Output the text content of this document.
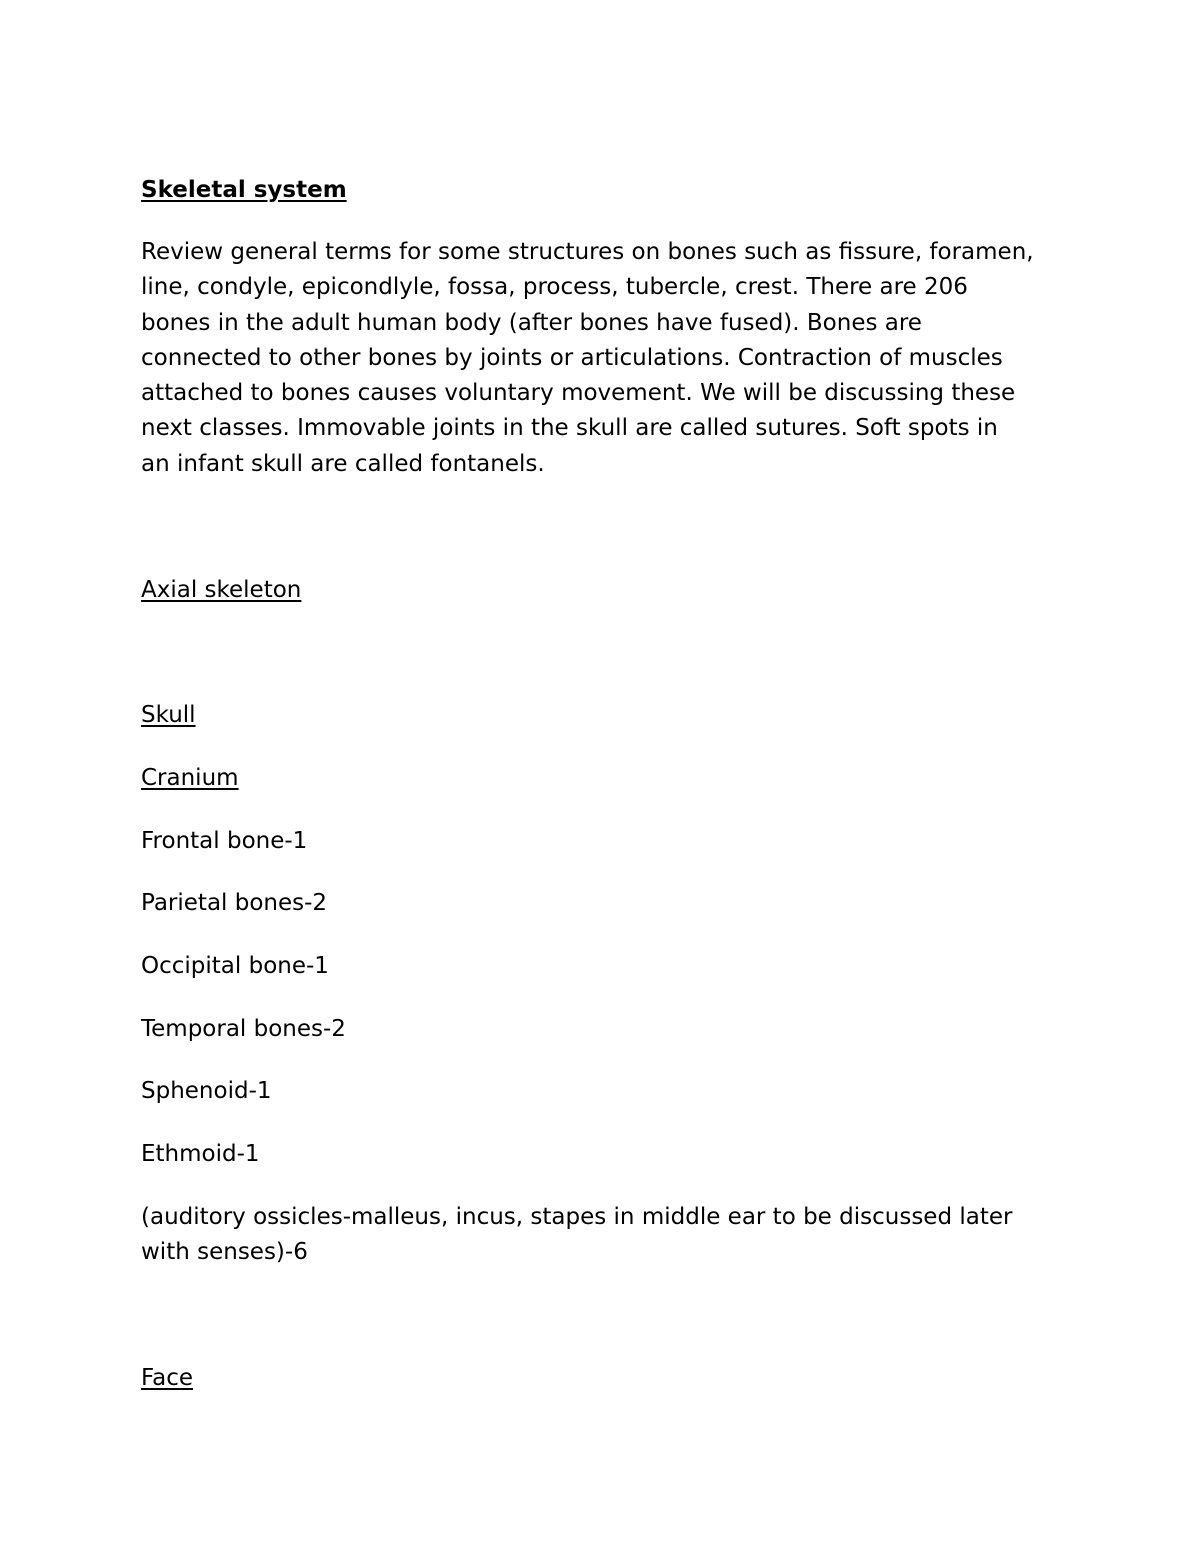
Skeletal system
Review general terms for some structures on bones such as fissure, foramen,
line, condyle, epicondlyle, fossa, process, tubercle, crest. There are 206
bones in the adult human body (after bones have fused). Bones are
connected to other bones by joints or articulations. Contraction of muscles
attached to bones causes voluntary movement. We will be discussing these
next classes. Immovable joints in the skull are called sutures. Soft spots in
an infant skull are called fontanels.
Axial skeleton
Skull
Cranium
Frontal bone-1
Parietal bones-2
Occipital bone-1
Temporal bones-2
Sphenoid-1
Ethmoid-1
(auditory ossicles-malleus, incus, stapes in middle ear to be discussed later
with senses)-6
Face
